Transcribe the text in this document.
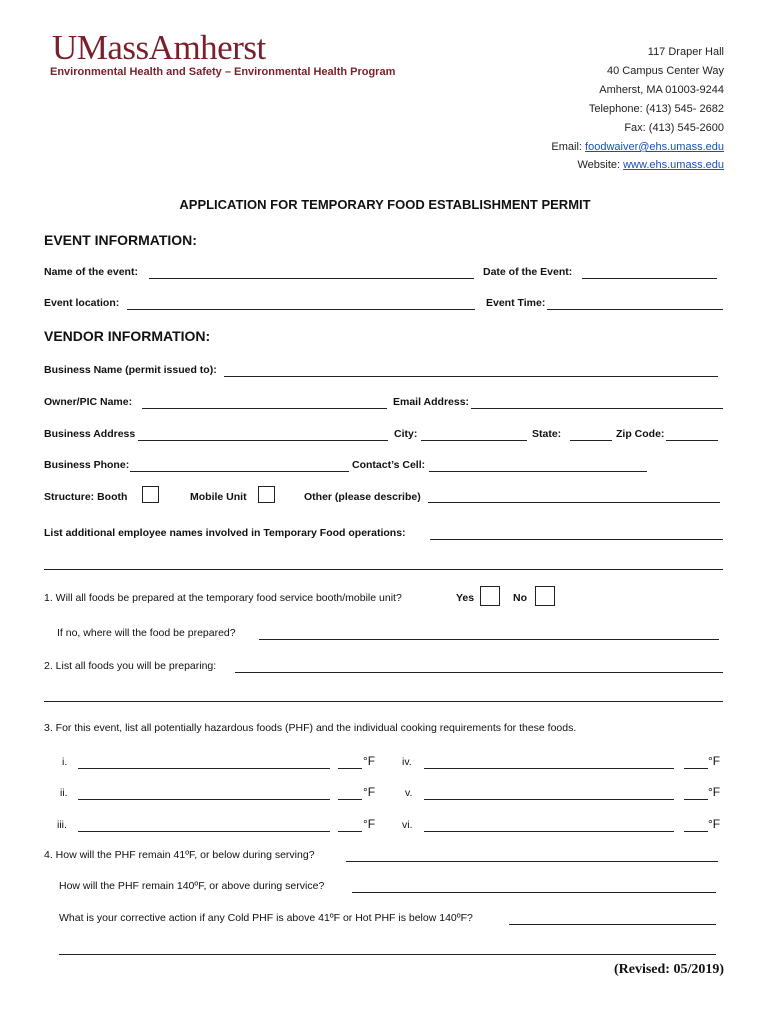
UMassAmherst
Environmental Health and Safety – Environmental Health Program
117 Draper Hall
40 Campus Center Way
Amherst, MA 01003-9244
Telephone: (413) 545- 2682
Fax: (413) 545-2600
Email: foodwaiver@ehs.umass.edu
Website: www.ehs.umass.edu
APPLICATION FOR TEMPORARY FOOD ESTABLISHMENT PERMIT
EVENT INFORMATION:
Name of the event:	Date of the Event:
Event location:	Event Time:
VENDOR INFORMATION:
Business Name (permit issued to):
Owner/PIC Name:	Email Address:
Business Address	City:	State:	Zip Code:
Business Phone:	Contact’s Cell:
Structure: Booth	Mobile Unit	Other (please describe)
List additional employee names involved in Temporary Food operations:
1. Will all foods be prepared at the temporary food service booth/mobile unit?	Yes	No
If no, where will the food be prepared?
2. List all foods you will be preparing:
3. For this event, list all potentially hazardous foods (PHF) and the individual cooking requirements for these foods.
i.	°F	iv.	°F
ii.	°F	v.	°F
iii.	°F	vi.	°F
4. How will the PHF remain 41ºF, or below during serving?
How will the PHF remain 140ºF, or above during service?
What is your corrective action if any Cold PHF is above 41ºF or Hot PHF is below 140ºF?
(Revised: 05/2019)
